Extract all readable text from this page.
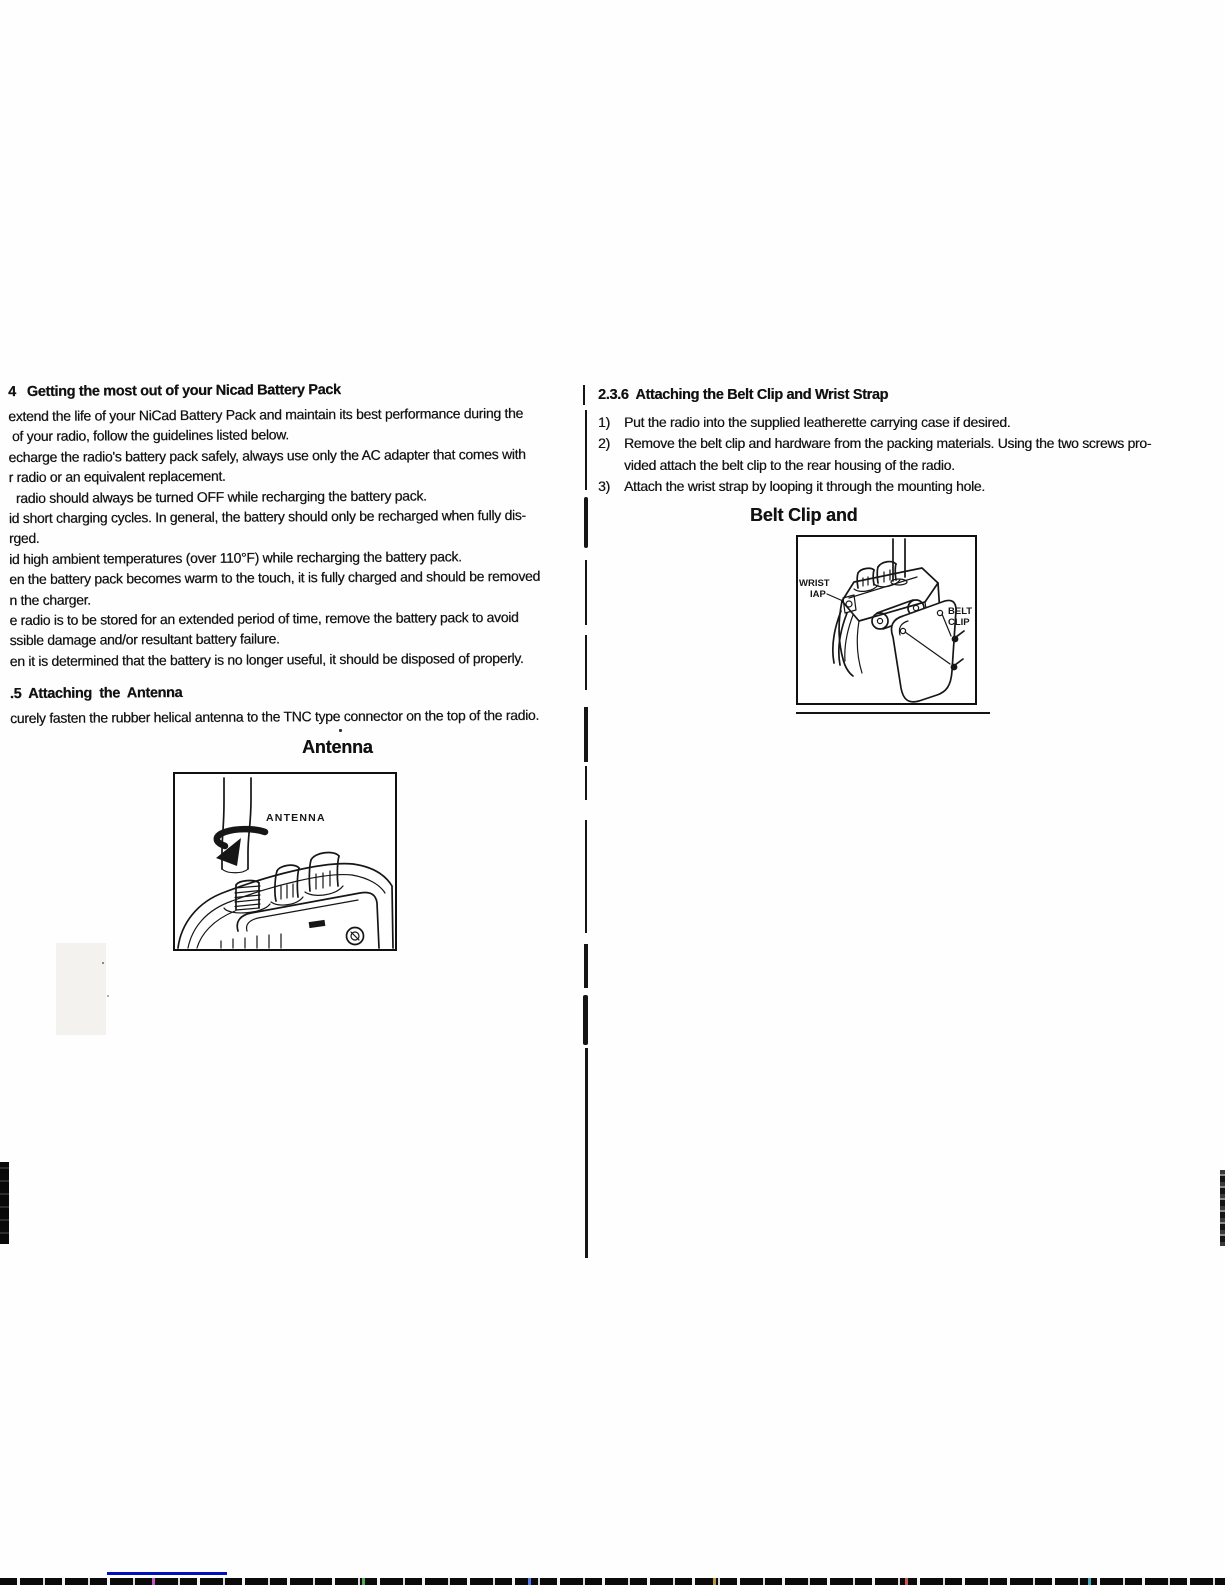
4   Getting the most out of your Nicad Battery Pack
extend the life of your NiCad Battery Pack and maintain its best performance during the
of your radio, follow the guidelines listed below.
echarge the radio's battery pack safely, always use only the AC adapter that comes with
r radio or an equivalent replacement.
radio should always be turned OFF while recharging the battery pack.
id short charging cycles. In general, the battery should only be recharged when fully dis-
rged.
id high ambient temperatures (over 110°F) while recharging the battery pack.
en the battery pack becomes warm to the touch, it is fully charged and should be removed
n the charger.
e radio is to be stored for an extended period of time, remove the battery pack to avoid
ssible damage and/or resultant battery failure.
en it is determined that the battery is no longer useful, it should be disposed of properly.
.5  Attaching  the  Antenna
curely fasten the rubber helical antenna to the TNC type connector on the top of the radio.
Antenna
ANTENNA
2.3.6  Attaching the Belt Clip and Wrist Strap
1)	Put the radio into the supplied leatherette carrying case if desired.
2)	Remove the belt clip and hardware from the packing materials. Using the two screws pro-
vided attach the belt clip to the rear housing of the radio.
3)	Attach the wrist strap by looping it through the mounting hole.
Belt Clip and
WRIST
IAP
BELT
CLIP
